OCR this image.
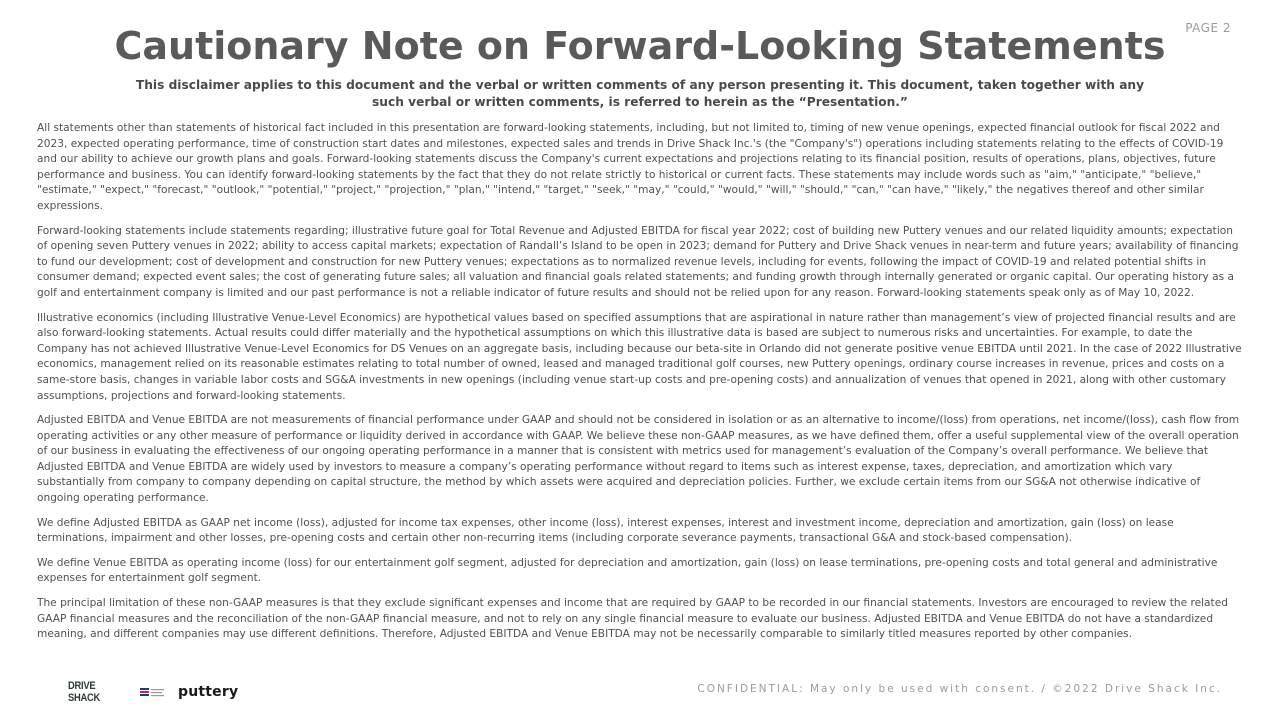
PAGE 2
Cautionary Note on Forward-Looking Statements

This disclaimer applies to this document and the verbal or written comments of any person presenting it. This document, taken together with any such verbal or written comments, is referred to herein as the “Presentation.”

All statements other than statements of historical fact included in this presentation are forward-looking statements, including, but not limited to, timing of new venue openings, expected financial outlook for fiscal 2022 and 2023, expected operating performance, time of construction start dates and milestones, expected sales and trends in Drive Shack Inc.'s (the "Company's") operations including statements relating to the effects of COVID-19 and our ability to achieve our growth plans and goals. Forward-looking statements discuss the Company's current expectations and projections relating to its financial position, results of operations, plans, objectives, future performance and business. You can identify forward-looking statements by the fact that they do not relate strictly to historical or current facts. These statements may include words such as "aim," "anticipate," "believe," "estimate," "expect," "forecast," "outlook," "potential," "project," "projection," "plan," "intend," "target," "seek," "may," "could," "would," "will," "should," "can," "can have," "likely," the negatives thereof and other similar expressions.

Forward-looking statements include statements regarding; illustrative future goal for Total Revenue and Adjusted EBITDA for fiscal year 2022; cost of building new Puttery venues and our related liquidity amounts; expectation of opening seven Puttery venues in 2022; ability to access capital markets; expectation of Randall’s Island to be open in 2023; demand for Puttery and Drive Shack venues in near-term and future years; availability of financing to fund our development; cost of development and construction for new Puttery venues; expectations as to normalized revenue levels, including for events, following the impact of COVID-19 and related potential shifts in consumer demand; expected event sales; the cost of generating future sales; all valuation and financial goals related statements; and funding growth through internally generated or organic capital. Our operating history as a golf and entertainment company is limited and our past performance is not a reliable indicator of future results and should not be relied upon for any reason. Forward-looking statements speak only as of May 10, 2022.

Illustrative economics (including Illustrative Venue-Level Economics) are hypothetical values based on specified assumptions that are aspirational in nature rather than management’s view of projected financial results and are also forward-looking statements. Actual results could differ materially and the hypothetical assumptions on which this illustrative data is based are subject to numerous risks and uncertainties. For example, to date the Company has not achieved Illustrative Venue-Level Economics for DS Venues on an aggregate basis, including because our beta-site in Orlando did not generate positive venue EBITDA until 2021. In the case of 2022 Illustrative economics, management relied on its reasonable estimates relating to total number of owned, leased and managed traditional golf courses, new Puttery openings, ordinary course increases in revenue, prices and costs on a same-store basis, changes in variable labor costs and SG&A investments in new openings (including venue start-up costs and pre-opening costs) and annualization of venues that opened in 2021, along with other customary assumptions, projections and forward-looking statements.

Adjusted EBITDA and Venue EBITDA are not measurements of financial performance under GAAP and should not be considered in isolation or as an alternative to income/(loss) from operations, net income/(loss), cash flow from operating activities or any other measure of performance or liquidity derived in accordance with GAAP. We believe these non-GAAP measures, as we have defined them, offer a useful supplemental view of the overall operation of our business in evaluating the effectiveness of our ongoing operating performance in a manner that is consistent with metrics used for management’s evaluation of the Company’s overall performance. We believe that Adjusted EBITDA and Venue EBITDA are widely used by investors to measure a company’s operating performance without regard to items such as interest expense, taxes, depreciation, and amortization which vary substantially from company to company depending on capital structure, the method by which assets were acquired and depreciation policies. Further, we exclude certain items from our SG&A not otherwise indicative of ongoing operating performance.

We define Adjusted EBITDA as GAAP net income (loss), adjusted for income tax expenses, other income (loss), interest expenses, interest and investment income, depreciation and amortization, gain (loss) on lease terminations, impairment and other losses, pre-opening costs and certain other non-recurring items (including corporate severance payments, transactional G&A and stock-based compensation).

We define Venue EBITDA as operating income (loss) for our entertainment golf segment, adjusted for depreciation and amortization, gain (loss) on lease terminations, pre-opening costs and total general and administrative expenses for entertainment golf segment.

The principal limitation of these non-GAAP measures is that they exclude significant expenses and income that are required by GAAP to be recorded in our financial statements. Investors are encouraged to review the related GAAP financial measures and the reconciliation of the non-GAAP financial measure, and not to rely on any single financial measure to evaluate our business. Adjusted EBITDA and Venue EBITDA do not have a standardized meaning, and different companies may use different definitions. Therefore, Adjusted EBITDA and Venue EBITDA may not be necessarily comparable to similarly titled measures reported by other companies.

DRIVE SHACK	puttery	CONFIDENTIAL: May only be used with consent. / ©2022 Drive Shack Inc.
